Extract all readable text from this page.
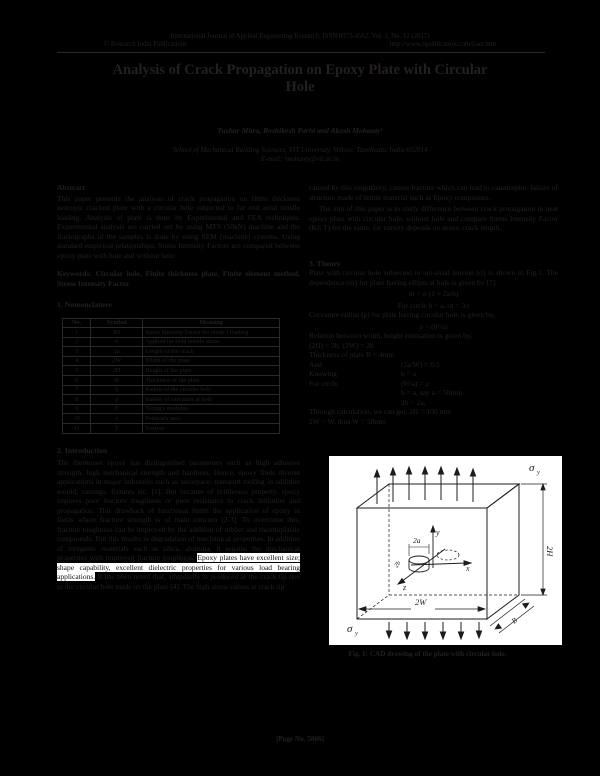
International Journal of Applied Engineering Research, ISSN 0973-4562, Vol. 1, No. 12 (2017)
© Research India Publications	http://www.ripublication.com/ijaer.htm
Analysis of Crack Propagation on Epoxy Plate with Circular Hole
Tushar Mitra, Roshikesh Parhi and Akash Mohanty¹
School of Mechanical Building Sciences, VIT University, Vellore, Tamilnadu, India-632014
E-mail: ¹mohanty@vit.ac.in
Abstract

This paper presents the analysis of crack propagation on finite thickness isotropic cracked plate with a circular hole subjected to far end axial tensile loading. Analysis of plate is done by Experimental and FEA techniques. Experimental analysis are carried out by using MTS (50kN) machine and the fractographs of the samples is done by using SEM (machine) systems. Using standard empirical relationships, Stress Intensity Factors are compared between epoxy plate with hole and without hole.

Keywords: Circular hole, Finite thickness plate, Finite element method, Stress Intensity Factor

1. Nomenclature
No.	Symbol	Meaning
1	KI	Stress Intensity Factor for mode I loading
2	σ	Applied far field tensile stress
3	2a	Length of the crack
4	2W	Width of the plate
5	2H	Height of the plate
6	B	Thickness of the plate
7	b	Radius of the circular hole
8	ρ	Radius of curvature at hole
9	E	Young's modulus
10	ν	Poisson's ratio
11	T	T-stress
2. Introduction

The thermoset epoxy has distinguished parameters such as high adhesive strength, high mechanical strength and hardness. Hence, epoxy finds diverse applications in major industries such as aerospace, transport tooling in addition mould, castings, fixtures etc. [1]. But because of brittleness property, epoxy imposes poor fracture toughness or poor resistance to crack initiation and propagation. This drawback of functional limits the application of epoxy in fields where fracture strength is of main concern [2-3]. To overcome this, fracture toughness can be improved by the addition of rubber and thermoplastic compounds. But this results in degradation of mechanical properties. In addition of inorganic materials such as silica, alumina, it regains the mechanical properties with improved fracture toughness. Epoxy plates have excellent size; shape capability, excellent dielectric properties for various load bearing applications. It has been noted that, singularity is produced at the crack tip due to the circular hole made on the plate [4]. The high stress values at crack tip

caused by this singularity, causes fracture which can lead to catastrophic failure of structure made of brittle material such as Epoxy composites.

The aim of this paper is to study difference between crack propagation in neat epoxy plate with circular hole, without hole and compare Stress Intensity Factor (KI, T) for the same, for variety depends on stress, crack length.

3. Theory

Plate with circular hole subjected to uni-axial tension (σ) is shown in Fig.1. The dependence (σt) for plate having elliptical hole is given by [7].

σt = σ (1 + 2a/b)
For circle b = a, σt = 3σ

Curvature radius (ρ) for plate having circular hole is given by,

ρ = (b²/a)

Relation between width, height estimation is given by,

(2H) = 2b, (2W) = 2b
Thickness of plate B = 4mm
And	(2a/W) = 0.5
Knowing	b = a
For circle	(b²/a) = ρ
b = a, say a = 50mm
2b = 2a,
Through calculation, we can get, 2H = 100 mm
2W = W, thus W = 50mm
σ y
σ y
y
x
z
2a
2b
2W
2H
B
Fig. 1: CAD drawing of the plate with circular hole.
[Page No. 5866]
